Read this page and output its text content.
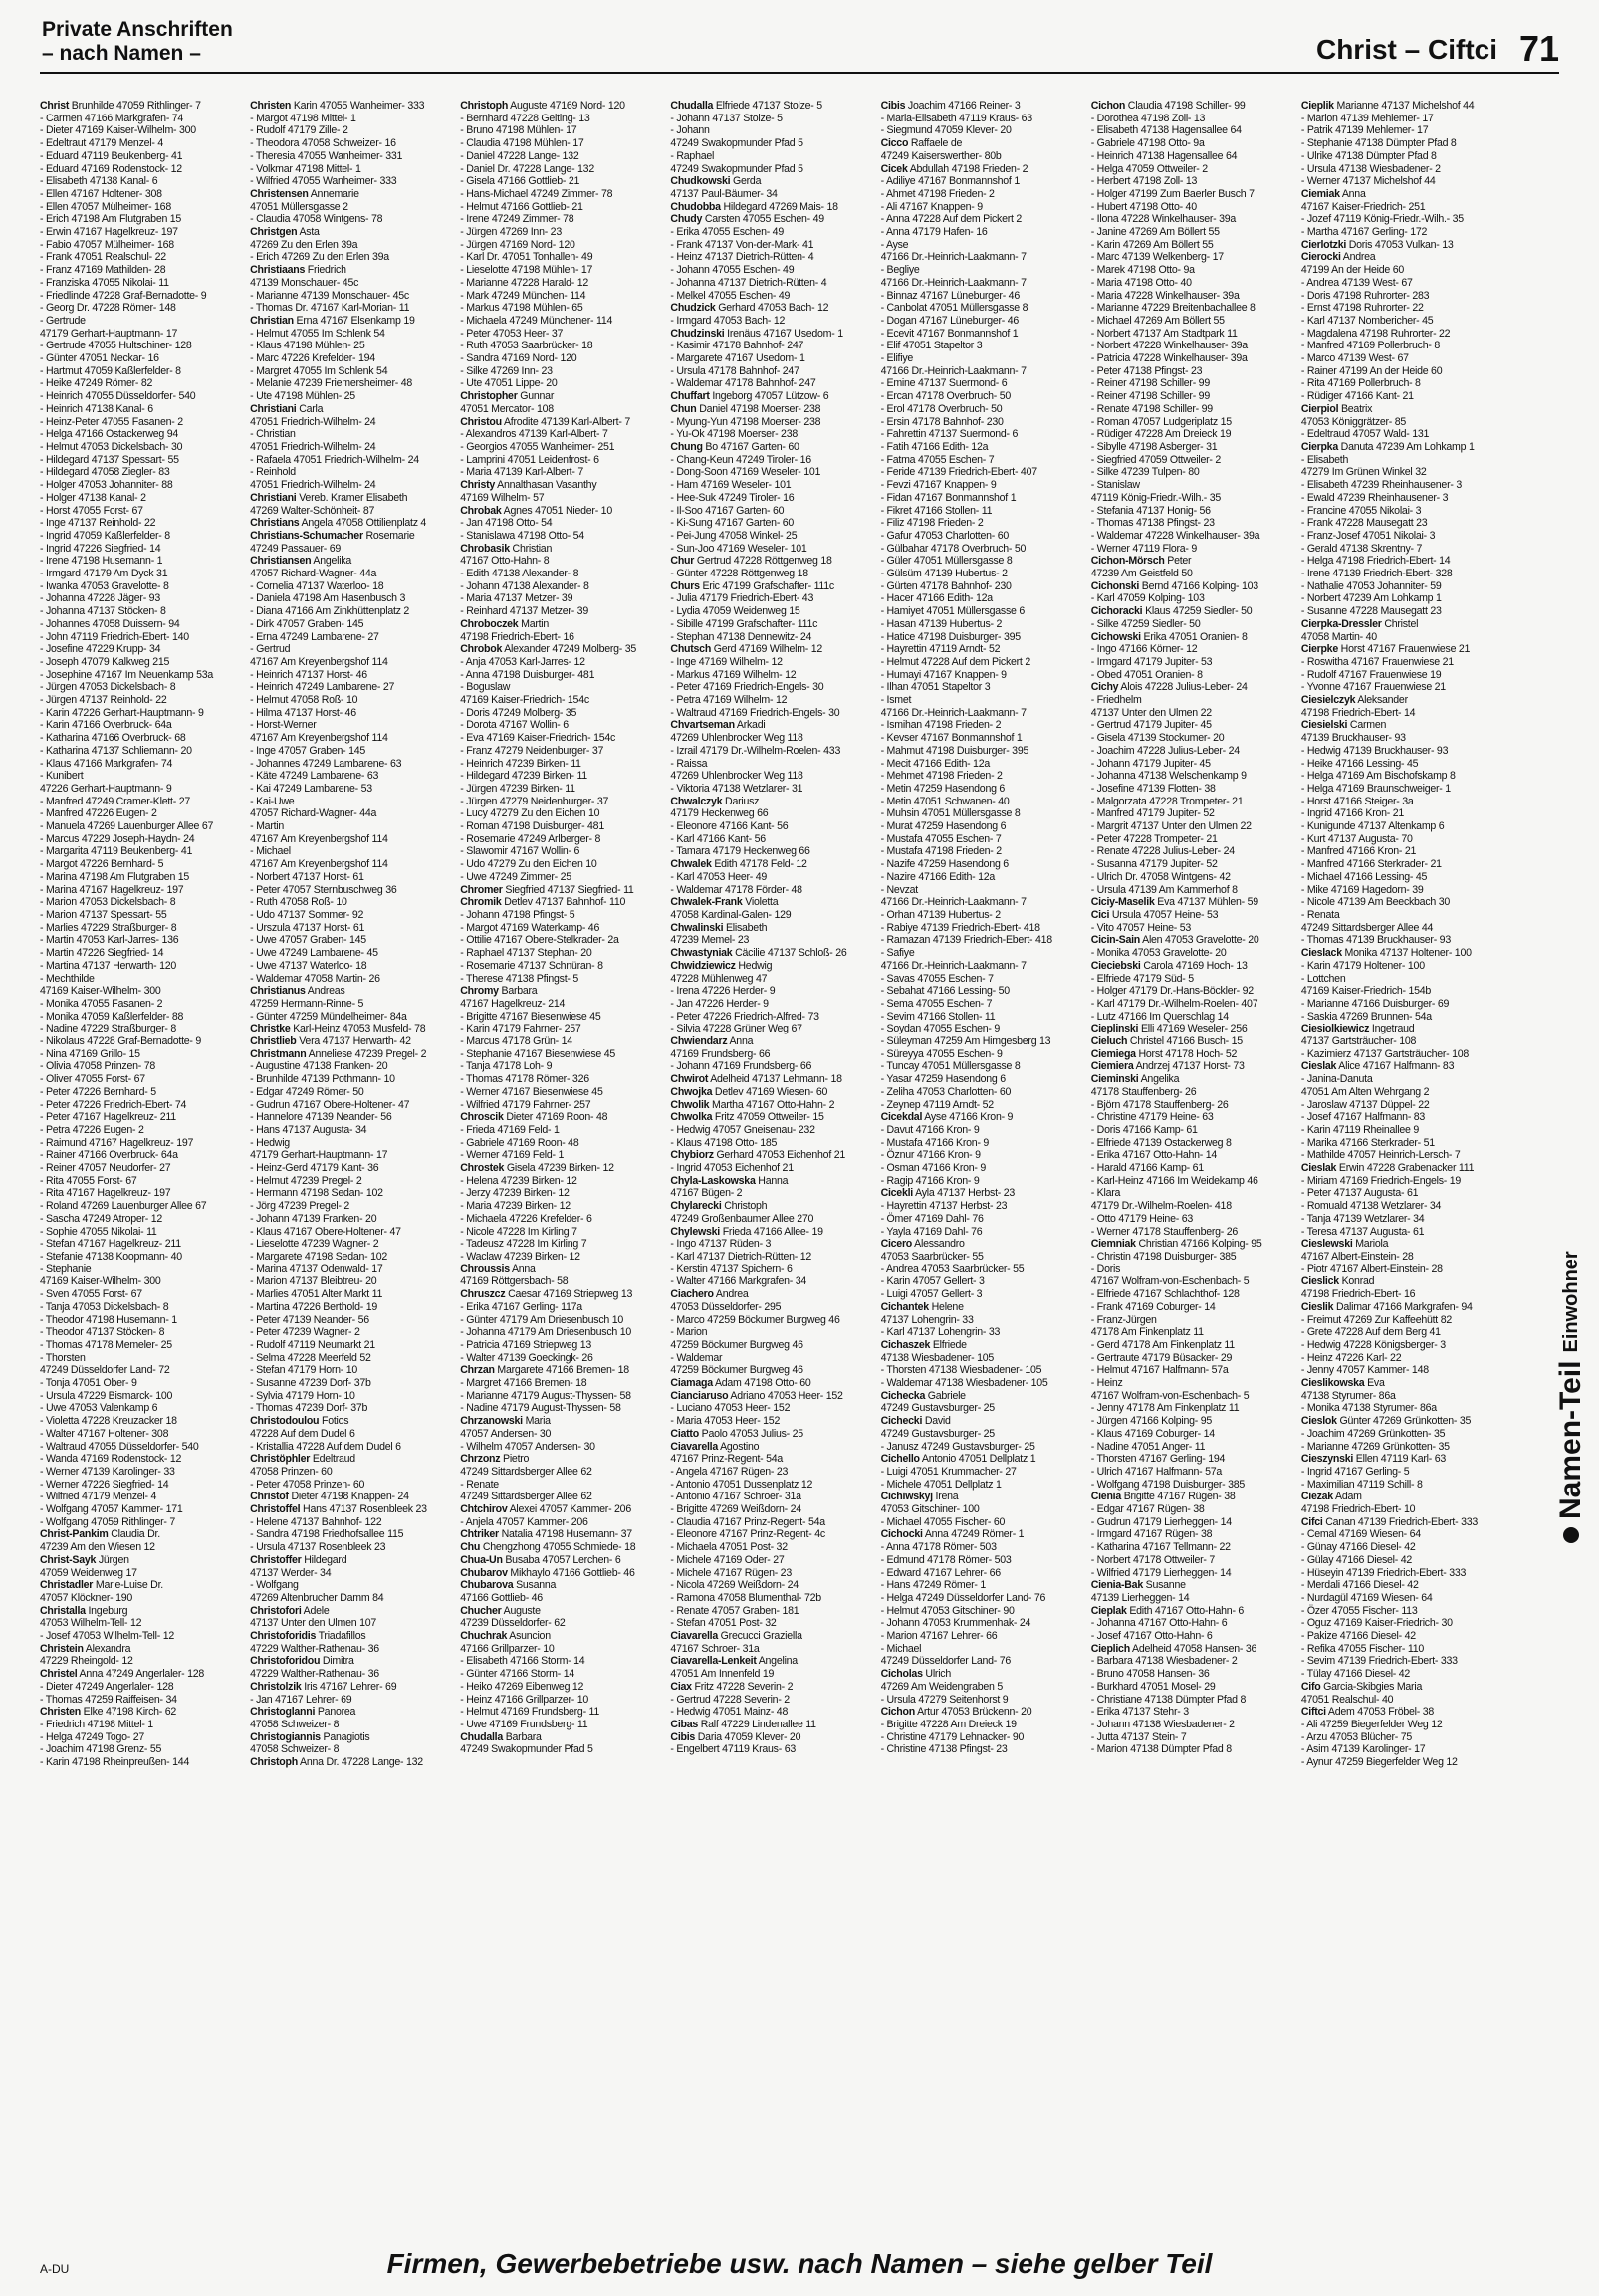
Private Anschriften
– nach Namen –	Christ – Ciftci 71
Christ Brunhilde 47059 Rithlinger- 7
- Carmen 47166 Markgrafen- 74
- Dieter 47169 Kaiser-Wilhelm- 300
- Edeltraut 47179 Menzel- 4
- Eduard 47119 Beukenberg- 41
- Eduard 47169 Rodenstock- 12
- Elisabeth 47138 Kanal- 6
- Ellen 47167 Holtener- 308
- Ellen 47057 Mülheimer- 168
- Erich 47198 Am Flutgraben 15
- Erwin 47167 Hagelkreuz- 197
- Fabio 47057 Mülheimer- 168
- Frank 47051 Realschul- 22
- Franz 47169 Mathilden- 28
- Franziska 47055 Nikolai- 11
- Friedlinde 47228 Graf-Bernadotte- 9
- Georg Dr. 47228 Römer- 148
- Gertrude
47179 Gerhart-Hauptmann- 17
- Gertrude 47055 Hultschiner- 128
- Günter 47051 Neckar- 16
- Hartmut 47059 Kaßlerfelder- 8
- Heike 47249 Römer- 82
- Heinrich 47055 Düsseldorfer- 540
- Heinrich 47138 Kanal- 6
- Heinz-Peter 47055 Fasanen- 2
- Helga 47166 Ostackerweg 94
- Helmut 47053 Dickelsbach- 30
- Hildegard 47137 Spessart- 55
- Hildegard 47058 Ziegler- 83
- Holger 47053 Johanniter- 88
- Holger 47138 Kanal- 2
- Horst 47055 Forst- 67
- Inge 47137 Reinhold- 22
- Ingrid 47059 Kaßlerfelder- 8
- Ingrid 47226 Siegfried- 14
- Irene 47198 Husemann- 1
- Irmgard 47179 Am Dyck 31
- Iwanka 47053 Gravelotte- 8
- Johanna 47228 Jäger- 93
- Johanna 47137 Stöcken- 8
- Johannes 47058 Duissern- 94
- John 47119 Friedrich-Ebert- 140
- Josefine 47229 Krupp- 34
- Joseph 47079 Kalkweg 215
- Josephine 47167 Im Neuenkamp 53a
- Jürgen 47053 Dickelsbach- 8
- Jürgen 47137 Reinhold- 22
- Karin 47226 Gerhart-Hauptmann- 9
- Karin 47166 Overbruck- 64a
- Katharina 47166 Overbruck- 68
- Katharina 47137 Schliemann- 20
- Klaus 47166 Markgrafen- 74
- Kunibert
47226 Gerhart-Hauptmann- 9
- Manfred 47249 Cramer-Klett- 27
- Manfred 47226 Eugen- 2
- Manuela 47269 Lauenburger Allee 67
- Marcus 47229 Joseph-Haydn- 24
- Margarita 47119 Beukenberg- 41
- Margot 47226 Bernhard- 5
- Marina 47198 Am Flutgraben 15
- Marina 47167 Hagelkreuz- 197
- Marion 47053 Dickelsbach- 8
- Marion 47137 Spessart- 55
- Marlies 47229 Straßburger- 8
- Martin 47053 Karl-Jarres- 136
- Martin 47226 Siegfried- 14
- Martina 47137 Herwarth- 120
- Mechthilde
47169 Kaiser-Wilhelm- 300
- Monika 47055 Fasanen- 2
- Monika 47059 Kaßlerfelder- 88
- Nadine 47229 Straßburger- 8
- Nikolaus 47228 Graf-Bernadotte- 9
- Nina 47169 Grillo- 15
- Olivia 47058 Prinzen- 78
- Oliver 47055 Forst- 67
- Peter 47226 Bernhard- 5
- Peter 47226 Friedrich-Ebert- 74
- Peter 47167 Hagelkreuz- 211
- Petra 47226 Eugen- 2
- Raimund 47167 Hagelkreuz- 197
- Rainer 47166 Overbruck- 64a
- Reiner 47057 Neudorfer- 27
- Rita 47055 Forst- 67
- Rita 47167 Hagelkreuz- 197
- Roland 47269 Lauenburger Allee 67
- Sascha 47249 Atroper- 12
- Sophie 47055 Nikolai- 11
- Stefan 47167 Hagelkreuz- 211
- Stefanie 47138 Koopmann- 40
- Stephanie
47169 Kaiser-Wilhelm- 300
- Sven 47055 Forst- 67
- Tanja 47053 Dickelsbach- 8
- Theodor 47198 Husemann- 1
- Theodor 47137 Stöcken- 8
- Thomas 47178 Memeler- 25
- Thorsten
47249 Düsseldorfer Land- 72
- Tonja 47051 Ober- 9
- Ursula 47229 Bismarck- 100
- Uwe 47053 Valenkamp 6
- Violetta 47228 Kreuzacker 18
- Walter 47167 Holtener- 308
- Waltraud 47055 Düsseldorfer- 540
- Wanda 47169 Rodenstock- 12
- Werner 47139 Karolinger- 33
- Werner 47226 Siegfried- 14
- Wilfried 47179 Menzel- 4
- Wolfgang 47057 Kammer- 171
- Wolfgang 47059 Rithlinger- 7
Christ-Pankim Claudia Dr.
47239 Am den Wiesen 12
Christ-Sayk Jürgen
47059 Weidenweg 17
Christadler Marie-Luise Dr.
47057 Klöckner- 190
Christalla Ingeburg
47053 Wilhelm-Tell- 12
- Josef 47053 Wilhelm-Tell- 12
Christein Alexandra
47229 Rheingold- 12
Christel Anna 47249 Angerlaler- 128
- Dieter 47249 Angerlaler- 128
- Thomas 47259 Raiffeisen- 34
Christen Elke 47198 Kirch- 62
- Friedrich 47198 Mittel- 1
- Helga 47249 Togo- 27
- Joachim 47198 Grenz- 55
- Karin 47198 Rheinpreußen- 144
Christen Karin 47055 Wanheimer- 333
- Margot 47198 Mittel- 1
- Rudolf 47179 Zille- 2
- Theodora 47058 Schweizer- 16
- Theresia 47055 Wanheimer- 331
- Volkmar 47198 Mittel- 1
- Wilfried 47055 Wanheimer- 333
Christensen Annemarie
47051 Müllersgasse 2
- Claudia 47058 Wintgens- 78
Christgen Asta
47269 Zu den Erlen 39a
- Erich 47269 Zu den Erlen 39a
Christiaans Friedrich
47139 Monschauer- 45c
- Marianne 47139 Monschauer- 45c
- Thomas Dr. 47167 Karl-Morian- 11
Christian Erna 47167 Elsenkamp 19
- Helmut 47055 Im Schlenk 54
- Klaus 47198 Mühlen- 25
- Marc 47226 Krefelder- 194
- Margret 47055 Im Schlenk 54
- Melanie 47239 Friemersheimer- 48
- Ute 47198 Mühlen- 25
Christiani Carla
47051 Friedrich-Wilhelm- 24
- Christian
47051 Friedrich-Wilhelm- 24
- Rafaela 47051 Friedrich-Wilhelm- 24
- Reinhold
47051 Friedrich-Wilhelm- 24
Christiani Vereb. Kramer Elisabeth
47269 Walter-Schönheit- 87
Christians Angela 47058 Ottilienplatz 4
Christians-Schumacher Rosemarie
47249 Passauer- 69
Christiansen Angelika
47057 Richard-Wagner- 44a
- Cornelia 47137 Waterloo- 18
- Daniela 47198 Am Hasenbusch 3
- Diana 47166 Am Zinkhüttenplatz 2
- Dirk 47057 Graben- 145
- Erna 47249 Lambarene- 27
- Gertrud
47167 Am Kreyenbergshof 114
- Heinrich 47137 Horst- 46
- Heinrich 47249 Lambarene- 27
- Helmut 47058 Roß- 10
- Hilma 47137 Horst- 46
- Horst-Werner
47167 Am Kreyenbergshof 114
- Inge 47057 Graben- 145
- Johannes 47249 Lambarene- 63
- Käte 47249 Lambarene- 63
- Kai 47249 Lambarene- 53
- Kai-Uwe
47057 Richard-Wagner- 44a
- Martin
47167 Am Kreyenbergshof 114
- Michael
47167 Am Kreyenbergshof 114
- Norbert 47137 Horst- 61
- Peter 47057 Sternbuschweg 36
- Ruth 47058 Roß- 10
- Udo 47137 Sommer- 92
- Urszula 47137 Horst- 61
- Uwe 47057 Graben- 145
- Uwe 47249 Lambarene- 45
- Uwe 47137 Waterloo- 18
- Waldemar 47058 Martin- 26
Christianus Andreas
47259 Hermann-Rinne- 5
- Günter 47259 Mündelheimer- 84a
Christke Karl-Heinz 47053 Musfeld- 78
Christlieb Vera 47137 Herwarth- 42
Christmann Anneliese 47239 Pregel- 2
- Augustine 47138 Franken- 20
- Brunhilde 47139 Pothmann- 10
- Edgar 47249 Römer- 50
- Gudrun 47167 Obere-Holtener- 47
- Hannelore 47139 Neander- 56
- Hans 47137 Augusta- 34
- Hedwig
47179 Gerhart-Hauptmann- 17
- Heinz-Gerd 47179 Kant- 36
- Helmut 47239 Pregel- 2
- Hermann 47198 Sedan- 102
- Jörg 47239 Pregel- 2
- Johann 47139 Franken- 20
- Klaus 47167 Obere-Holtener- 47
- Lieselotte 47239 Wagner- 2
- Margarete 47198 Sedan- 102
- Marina 47137 Odenwald- 17
- Marion 47137 Bleibtreu- 20
- Marlies 47051 Alter Markt 11
- Martina 47226 Berthold- 19
- Peter 47139 Neander- 56
- Peter 47239 Wagner- 2
- Rudolf 47119 Neumarkt 21
- Selma 47228 Meerfeld 52
- Stefan 47179 Horn- 10
- Susanne 47239 Dorf- 37b
- Sylvia 47179 Horn- 10
- Thomas 47239 Dorf- 37b
Christodoulou Fotios
47228 Auf dem Dudel 6
- Kristallia 47228 Auf dem Dudel 6
Christöphler Edeltraud
47058 Prinzen- 60
- Peter 47058 Prinzen- 60
Christof Dieter 47198 Knappen- 24
Christoffel Hans 47137 Rosenbleek 23
- Helene 47137 Bahnhof- 122
- Sandra 47198 Friedhofsallee 115
- Ursula 47137 Rosenbleek 23
Christoffer Hildegard
47137 Werder- 34
- Wolfgang
47269 Altenbrucher Damm 84
Christofori Adele
47137 Unter den Ulmen 107
Christoforidis Triadafillos
47229 Walther-Rathenau- 36
Christoforidou Dimitra
47229 Walther-Rathenau- 36
Christolzik Iris 47167 Lehrer- 69
- Jan 47167 Lehrer- 69
Christoglanni Panorea
47058 Schweizer- 8
Christogiannis Panagiotis
47058 Schweizer- 8
Christoph Anna Dr. 47228 Lange- 132
Christoph Auguste 47169 Nord- 120
- Bernhard 47228 Gelting- 13
- Bruno 47198 Mühlen- 17
- Claudia 47198 Mühlen- 17
- Daniel 47228 Lange- 132
- Daniel Dr. 47228 Lange- 132
- Gisela 47166 Gottlieb- 21
- Hans-Michael 47249 Zimmer- 78
- Helmut 47166 Gottlieb- 21
- Irene 47249 Zimmer- 78
- Jürgen 47269 Inn- 23
- Jürgen 47169 Nord- 120
- Karl Dr. 47051 Tonhallen- 49
- Lieselotte 47198 Mühlen- 17
- Marianne 47228 Harald- 12
- Mark 47249 München- 114
- Markus 47198 Mühlen- 65
- Michaela 47249 Münchener- 114
- Peter 47053 Heer- 37
- Ruth 47053 Saarbrücker- 18
- Sandra 47169 Nord- 120
- Silke 47269 Inn- 23
- Ute 47051 Lippe- 20
Christopher Gunnar
47051 Mercator- 108
Christou Afrodite 47139 Karl-Albert- 7
- Alexandros 47139 Karl-Albert- 7
- Georgios 47055 Wanheimer- 251
- Lamprini 47051 Leidenfrost- 6
- Maria 47139 Karl-Albert- 7
Christy Annalthasan Vasanthy
47169 Wilhelm- 57
Chrobak Agnes 47051 Nieder- 10
- Jan 47198 Otto- 54
- Stanislawa 47198 Otto- 54
Chrobasik Christian
47167 Otto-Hahn- 8
- Edith 47138 Alexander- 8
- Johann 47138 Alexander- 8
- Maria 47137 Metzer- 39
- Reinhard 47137 Metzer- 39
Chroboczek Martin
47198 Friedrich-Ebert- 16
Chrobok Alexander 47249 Molberg- 35
- Anja 47053 Karl-Jarres- 12
- Anna 47198 Duisburger- 481
- Boguslaw
47169 Kaiser-Friedrich- 154c
- Doris 47249 Molberg- 35
- Dorota 47167 Wollin- 6
- Eva 47169 Kaiser-Friedrich- 154c
- Franz 47279 Neidenburger- 37
- Heinrich 47239 Birken- 11
- Hildegard 47239 Birken- 11
- Jürgen 47239 Birken- 11
- Jürgen 47279 Neidenburger- 37
- Lucy 47279 Zu den Eichen 10
- Roman 47198 Duisburger- 481
- Rosemarie 47249 Arlberger- 8
- Slawomir 47167 Wollin- 6
- Udo 47279 Zu den Eichen 10
- Uwe 47249 Zimmer- 25
Chromer Siegfried 47137 Siegfried- 11
Chromik Detlev 47137 Bahnhof- 110
- Johann 47198 Pfingst- 5
- Margot 47169 Waterkamp- 46
- Ottilie 47167 Obere-Stelkrader- 2a
- Raphael 47137 Stephan- 20
- Rosemarie 47137 Schnüran- 8
- Therese 47138 Pfingst- 5
Chromy Barbara
47167 Hagelkreuz- 214
- Brigitte 47167 Biesenwiese 45
- Karin 47179 Fahrner- 257
- Marcus 47178 Grün- 14
- Stephanie 47167 Biesenwiese 45
- Tanja 47178 Loh- 9
- Thomas 47178 Römer- 326
- Werner 47167 Biesenwiese 45
- Wilfried 47179 Fahrner- 257
Chroscik Dieter 47169 Roon- 48
- Frieda 47169 Feld- 1
- Gabriele 47169 Roon- 48
- Werner 47169 Feld- 1
Chrostek Gisela 47239 Birken- 12
- Helena 47239 Birken- 12
- Jerzy 47239 Birken- 12
- Maria 47239 Birken- 12
- Michaela 47226 Krefelder- 6
- Nicole 47228 Im Kirling 7
- Tadeusz 47228 Im Kirling 7
- Waclaw 47239 Birken- 12
Chroussis Anna
47169 Röttgersbach- 58
Chruszcz Caesar 47169 Striepweg 13
- Erika 47167 Gerling- 117a
- Günter 47179 Am Driesenbusch 10
- Johanna 47179 Am Driesenbusch 10
- Patricia 47169 Striepweg 13
- Walter 47139 Goeckingk- 26
Chrzan Margarete 47166 Bremen- 18
- Margret 47166 Bremen- 18
- Marianne 47179 August-Thyssen- 58
- Nadine 47179 August-Thyssen- 58
Chrzanowski Maria
47057 Andersen- 30
- Wilhelm 47057 Andersen- 30
Chrzonz Pietro
47249 Sittardsberger Allee 62
- Renate
47249 Sittardsberger Allee 62
Chtchirov Alexei 47057 Kammer- 206
- Anjela 47057 Kammer- 206
Chtriker Natalia 47198 Husemann- 37
Chu Chengzhong 47055 Schmiede- 18
Chua-Un Busaba 47057 Lerchen- 6
Chubarov Mikhaylo 47166 Gottlieb- 46
Chubarova Susanna
47166 Gottlieb- 46
Chucher Auguste
47239 Düsseldorfer- 62
Chuchrak Asuncion
47166 Grillparzer- 10
- Elisabeth 47166 Storm- 14
- Günter 47166 Storm- 14
- Heiko 47269 Eibenweg 12
- Heinz 47166 Grillparzer- 10
- Helmut 47169 Frundsberg- 11
- Uwe 47169 Frundsberg- 11
Chudalla Barbara
47249 Swakopmunder Pfad 5
Chudalla Elfriede 47137 Stolze- 5
- Johann 47137 Stolze- 5
- Johann
47249 Swakopmunder Pfad 5
- Raphael
47249 Swakopmunder Pfad 5
Chudkowski Gerda
47137 Paul-Bäumer- 34
Chudobba Hildegard 47269 Mais- 18
Chudy Carsten 47055 Eschen- 49
- Erika 47055 Eschen- 49
- Frank 47137 Von-der-Mark- 41
- Heinz 47137 Dietrich-Rütten- 4
- Johann 47055 Eschen- 49
- Johanna 47137 Dietrich-Rütten- 4
- Melkel 47055 Eschen- 49
Chudzick Gerhard 47053 Bach- 12
- Irmgard 47053 Bach- 12
Chudzinski Irenäus 47167 Usedom- 1
- Kasimir 47178 Bahnhof- 247
- Margarete 47167 Usedom- 1
- Ursula 47178 Bahnhof- 247
- Waldemar 47178 Bahnhof- 247
Chuffart Ingeborg 47057 Lützow- 6
Chun Daniel 47198 Moerser- 238
- Myung-Yun 47198 Moerser- 238
- Yu-Ok 47198 Moerser- 238
Chung Bo 47167 Garten- 60
- Chang-Keun 47249 Tiroler- 16
- Dong-Soon 47169 Weseler- 101
- Ham 47169 Weseler- 101
- Hee-Suk 47249 Tiroler- 16
- Il-Soo 47167 Garten- 60
- Ki-Sung 47167 Garten- 60
- Pei-Jung 47058 Winkel- 25
- Sun-Joo 47169 Weseler- 101
Chur Gertrud 47228 Röttgenweg 18
- Günter 47228 Röttgenweg 18
Churs Eric 47199 Grafschafter- 111c
- Julia 47179 Friedrich-Ebert- 43
- Lydia 47059 Weidenweg 15
- Sibille 47199 Grafschafter- 111c
- Stephan 47138 Dennewitz- 24
Chutsch Gerd 47169 Wilhelm- 12
- Inge 47169 Wilhelm- 12
- Markus 47169 Wilhelm- 12
- Peter 47169 Friedrich-Engels- 30
- Petra 47169 Wilhelm- 12
- Waltraud 47169 Friedrich-Engels- 30
Chvartseman Arkadi
47269 Uhlenbrocker Weg 118
- Izrail 47179 Dr.-Wilhelm-Roelen- 433
- Raissa
47269 Uhlenbrocker Weg 118
- Viktoria 47138 Wetzlarer- 31
Chwalczyk Dariusz
47179 Heckenweg 66
- Eleonore 47166 Kant- 56
- Karl 47166 Kant- 56
- Tamara 47179 Heckenweg 66
Chwalek Edith 47178 Feld- 12
- Karl 47053 Heer- 49
- Waldemar 47178 Förder- 48
Chwalek-Frank Violetta
47058 Kardinal-Galen- 129
Chwalinski Elisabeth
47239 Memel- 23
Chwastyniak Cäcilie 47137 Schloß- 26
Chwidziewicz Hedwig
47228 Mühlenweg 47
- Irena 47226 Herder- 9
- Jan 47226 Herder- 9
- Peter 47226 Friedrich-Alfred- 73
- Silvia 47228 Grüner Weg 67
Chwiendarz Anna
47169 Frundsberg- 66
- Johann 47169 Frundsberg- 66
Chwirot Adelheid 47137 Lehmann- 18
Chwojka Detlev 47169 Wiesen- 60
Chwolik Martha 47167 Otto-Hahn- 2
Chwolka Fritz 47059 Ottweiler- 15
- Hedwig 47057 Gneisenau- 232
- Klaus 47198 Otto- 185
Chybiorz Gerhard 47053 Eichenhof 21
- Ingrid 47053 Eichenhof 21
Chyla-Laskowska Hanna
47167 Bügen- 2
Chylarecki Christoph
47249 Großenbaumer Allee 270
Chylewski Frieda 47166 Allee- 19
- Ingo 47137 Rüden- 3
- Karl 47137 Dietrich-Rütten- 12
- Kerstin 47137 Spichern- 6
- Walter 47166 Markgrafen- 34
Ciachero Andrea
47053 Düsseldorfer- 295
- Marco 47259 Böckumer Burgweg 46
- Marion
47259 Böckumer Burgweg 46
- Waldemar
47259 Böckumer Burgweg 46
Ciamaga Adam 47198 Otto- 60
Cianciaruso Adriano 47053 Heer- 152
- Luciano 47053 Heer- 152
- Maria 47053 Heer- 152
Ciatto Paolo 47053 Julius- 25
Ciavarella Agostino
47167 Prinz-Regent- 54a
- Angela 47167 Rügen- 23
- Antonio 47051 Dussenplatz 12
- Antonio 47167 Schroer- 31a
- Brigitte 47269 Weißdorn- 24
- Claudia 47167 Prinz-Regent- 54a
- Eleonore 47167 Prinz-Regent- 4c
- Michaela 47051 Post- 32
- Michele 47169 Oder- 27
- Michele 47167 Rügen- 23
- Nicola 47269 Weißdorn- 24
- Ramona 47058 Blumenthal- 72b
- Renate 47057 Graben- 181
- Stefan 47051 Post- 32
Ciavarella Grecucci Graziella
47167 Schroer- 31a
Ciavarella-Lenkeit Angelina
47051 Am Innenfeld 19
Ciax Fritz 47228 Severin- 2
- Gertrud 47228 Severin- 2
- Hedwig 47051 Mainz- 48
Cibas Ralf 47229 Lindenallee 11
Cibis Daria 47059 Klever- 20
- Engelbert 47119 Kraus- 63
Cibis Joachim 47166 Reiner- 3
- Maria-Elisabeth 47119 Kraus- 63
- Siegmund 47059 Klever- 20
Cicco Raffaele de
47249 Kaiserswerther- 80b
Cicek Abdullah 47198 Frieden- 2
- Adiliye 47167 Bonmannshof 1
- Ahmet 47198 Frieden- 2
- Ali 47167 Knappen- 9
- Anna 47228 Auf dem Pickert 2
- Anna 47179 Hafen- 16
- Ayse
47166 Dr.-Heinrich-Laakmann- 7
- Begliye
47166 Dr.-Heinrich-Laakmann- 7
- Binnaz 47167 Lüneburger- 46
- Canbolat 47051 Müllersgasse 8
- Dogan 47167 Lüneburger- 46
- Ecevit 47167 Bonmannshof 1
- Elif 47051 Stapeltor 3
- Elifiye
47166 Dr.-Heinrich-Laakmann- 7
- Emine 47137 Suermond- 6
- Ercan 47178 Overbruch- 50
- Erol 47178 Overbruch- 50
- Ersin 47178 Bahnhof- 230
- Fahrettin 47137 Suermond- 6
- Fatih 47166 Edith- 12a
- Fatma 47055 Eschen- 7
- Feride 47139 Friedrich-Ebert- 407
- Fevzi 47167 Knappen- 9
- Fidan 47167 Bonmannshof 1
- Fikret 47166 Stollen- 11
- Filiz 47198 Frieden- 2
- Gafur 47053 Charlotten- 60
- Gülbahar 47178 Overbruch- 50
- Güler 47051 Müllersgasse 8
- Gülsüm 47139 Hubertus- 2
- Gürten 47178 Bahnhof- 230
- Hacer 47166 Edith- 12a
- Hamiyet 47051 Müllersgasse 6
- Hasan 47139 Hubertus- 2
- Hatice 47198 Duisburger- 395
- Hayrettin 47119 Arndt- 52
- Helmut 47228 Auf dem Pickert 2
- Humayi 47167 Knappen- 9
- Ilhan 47051 Stapeltor 3
- Ismet
47166 Dr.-Heinrich-Laakmann- 7
- Ismihan 47198 Frieden- 2
- Kevser 47167 Bonmannshof 1
- Mahmut 47198 Duisburger- 395
- Mecit 47166 Edith- 12a
- Mehmet 47198 Frieden- 2
- Metin 47259 Hasendong 6
- Metin 47051 Schwanen- 40
- Muhsin 47051 Müllersgasse 8
- Murat 47259 Hasendong 6
- Mustafa 47055 Eschen- 7
- Mustafa 47198 Frieden- 2
- Nazife 47259 Hasendong 6
- Nazire 47166 Edith- 12a
- Nevzat
47166 Dr.-Heinrich-Laakmann- 7
- Orhan 47139 Hubertus- 2
- Rabiye 47139 Friedrich-Ebert- 418
- Ramazan 47139 Friedrich-Ebert- 418
- Safiye
47166 Dr.-Heinrich-Laakmann- 7
- Savas 47055 Eschen- 7
- Sebahat 47166 Lessing- 50
- Sema 47055 Eschen- 7
- Sevim 47166 Stollen- 11
- Soydan 47055 Eschen- 9
- Süleyman 47259 Am Himgesberg 13
- Süreyya 47055 Eschen- 9
- Tuncay 47051 Müllersgasse 8
- Yasar 47259 Hasendong 6
- Zeliha 47053 Charlotten- 60
- Zeynep 47119 Arndt- 52
Cicekdal Ayse 47166 Kron- 9
- Davut 47166 Kron- 9
- Mustafa 47166 Kron- 9
- Öznur 47166 Kron- 9
- Osman 47166 Kron- 9
- Ragip 47166 Kron- 9
Cicekli Ayla 47137 Herbst- 23
- Hayrettin 47137 Herbst- 23
- Ömer 47169 Dahl- 76
- Yayla 47169 Dahl- 76
Cicero Alessandro
47053 Saarbrücker- 55
- Andrea 47053 Saarbrücker- 55
- Karin 47057 Gellert- 3
- Luigi 47057 Gellert- 3
Cichantek Helene
47137 Lohengrin- 33
- Karl 47137 Lohengrin- 33
Cichaszek Elfriede
47138 Wiesbadener- 105
- Thorsten 47138 Wiesbadener- 105
- Waldemar 47138 Wiesbadener- 105
Cichecka Gabriele
47249 Gustavsburger- 25
Cichecki David
47249 Gustavsburger- 25
- Janusz 47249 Gustavsburger- 25
Cichello Antonio 47051 Dellplatz 1
- Luigi 47051 Krummacher- 27
- Michele 47051 Dellplatz 1
Cichiwskyj Irena
47053 Gitschiner- 100
- Michael 47055 Fischer- 60
Cichocki Anna 47249 Römer- 1
- Anna 47178 Römer- 503
- Edmund 47178 Römer- 503
- Edward 47167 Lehrer- 66
- Hans 47249 Römer- 1
- Helga 47249 Düsseldorfer Land- 76
- Helmut 47053 Gitschiner- 90
- Johann 47053 Krummenhak- 24
- Marion 47167 Lehrer- 66
- Michael
47249 Düsseldorfer Land- 76
Cicholas Ulrich
47269 Am Weidengraben 5
- Ursula 47279 Seitenhorst 9
Cichon Artur 47053 Brückenn- 20
- Brigitte 47228 Am Dreieck 19
- Christine 47179 Lehnacker- 90
- Christine 47138 Pfingst- 23
Cichon Claudia 47198 Schiller- 99
- Dorothea 47198 Zoll- 13
- Elisabeth 47138 Hagensallee 64
- Gabriele 47198 Otto- 9a
- Heinrich 47138 Hagensallee 64
- Helga 47059 Ottweiler- 2
- Herbert 47198 Zoll- 13
- Holger 47199 Zum Baerler Busch 7
- Hubert 47198 Otto- 40
- Ilona 47228 Winkelhauser- 39a
- Janine 47269 Am Böllert 55
- Karin 47269 Am Böllert 55
- Marc 47139 Welkenberg- 17
- Marek 47198 Otto- 9a
- Maria 47198 Otto- 40
- Maria 47228 Winkelhauser- 39a
- Marianne 47229 Breitenbachallee 8
- Michael 47269 Am Böllert 55
- Norbert 47137 Am Stadtpark 11
- Norbert 47228 Winkelhauser- 39a
- Patricia 47228 Winkelhauser- 39a
- Peter 47138 Pfingst- 23
- Reiner 47198 Schiller- 99
- Reiner 47198 Schiller- 99
- Renate 47198 Schiller- 99
- Roman 47057 Ludgeriplatz 15
- Rüdiger 47228 Am Dreieck 19
- Sibylle 47198 Asberger- 31
- Siegfried 47059 Ottweiler- 2
- Silke 47239 Tulpen- 80
- Stanislaw
47119 König-Friedr.-Wilh.- 35
- Stefania 47137 Honig- 56
- Thomas 47138 Pfingst- 23
- Waldemar 47228 Winkelhauser- 39a
- Werner 47119 Flora- 9
Cichon-Mörsch Peter
47239 Am Geistfeld 50
Cichonski Bernd 47166 Kolping- 103
- Karl 47059 Kolping- 103
Cichoracki Klaus 47259 Siedler- 50
- Silke 47259 Siedler- 50
Cichowski Erika 47051 Oranien- 8
- Ingo 47166 Körner- 12
- Irmgard 47179 Jupiter- 53
- Obed 47051 Oranien- 8
Cichy Alois 47228 Julius-Leber- 24
- Friedhelm
47137 Unter den Ulmen 22
- Gertrud 47179 Jupiter- 45
- Gisela 47139 Stockumer- 20
- Joachim 47228 Julius-Leber- 24
- Johann 47179 Jupiter- 45
- Johanna 47138 Welschenkamp 9
- Josefine 47139 Flotten- 38
- Malgorzata 47228 Trompeter- 21
- Manfred 47179 Jupiter- 52
- Margrit 47137 Unter den Ulmen 22
- Peter 47228 Trompeter- 21
- Renate 47228 Julius-Leber- 24
- Susanna 47179 Jupiter- 52
- Ulrich Dr. 47058 Wintgens- 42
- Ursula 47139 Am Kammerhof 8
Ciciy-Maselik Eva 47137 Mühlen- 59
Cici Ursula 47057 Heine- 53
- Vito 47057 Heine- 53
Cicin-Sain Alen 47053 Gravelotte- 20
- Monika 47053 Gravelotte- 20
Cieciebski Carola 47169 Hoch- 13
- Elfriede 47179 Süd- 5
- Holger 47179 Dr.-Hans-Böckler- 92
- Karl 47179 Dr.-Wilhelm-Roelen- 407
- Lutz 47166 Im Querschlag 14
Cieplinski Elli 47169 Weseler- 256
Cieluch Christel 47166 Busch- 15
Ciemiega Horst 47178 Hoch- 52
Ciemiera Andrzej 47137 Horst- 73
Cieminski Angelika
47178 Stauffenberg- 26
- Björn 47178 Stauffenberg- 26
- Christine 47179 Heine- 63
- Doris 47166 Kamp- 61
- Elfriede 47139 Ostackerweg 8
- Erika 47167 Otto-Hahn- 14
- Harald 47166 Kamp- 61
- Karl-Heinz 47166 Im Weidekamp 46
- Klara
47179 Dr.-Wilhelm-Roelen- 418
- Otto 47179 Heine- 63
- Werner 47178 Stauffenberg- 26
Ciemniak Christian 47166 Kolping- 95
- Christin 47198 Duisburger- 385
- Doris
47167 Wolfram-von-Eschenbach- 5
- Elfriede 47167 Schlachthof- 128
- Frank 47169 Coburger- 14
- Franz-Jürgen
47178 Am Finkenplatz 11
- Gerd 47178 Am Finkenplatz 11
- Gertraute 47179 Büsacker- 29
- Helmut 47167 Halfmann- 57a
- Heinz
47167 Wolfram-von-Eschenbach- 5
- Jenny 47178 Am Finkenplatz 11
- Jürgen 47166 Kolping- 95
- Klaus 47169 Coburger- 14
- Nadine 47051 Anger- 11
- Thorsten 47167 Gerling- 194
- Ulrich 47167 Halfmann- 57a
- Wolfgang 47198 Duisburger- 385
Cienia Brigitte 47167 Rügen- 38
- Edgar 47167 Rügen- 38
- Gudrun 47179 Lierheggen- 14
- Irmgard 47167 Rügen- 38
- Katharina 47167 Tellmann- 22
- Norbert 47178 Ottweiler- 7
- Wilfried 47179 Lierheggen- 14
Cienia-Bak Susanne
47139 Lierheggen- 14
Cieplak Edith 47167 Otto-Hahn- 6
- Johanna 47167 Otto-Hahn- 6
- Josef 47167 Otto-Hahn- 6
Cieplich Adelheid 47058 Hansen- 36
- Barbara 47138 Wiesbadener- 2
- Bruno 47058 Hansen- 36
- Burkhard 47051 Mosel- 29
- Christiane 47138 Dümpter Pfad 8
- Erika 47137 Stehr- 3
- Johann 47138 Wiesbadener- 2
- Jutta 47137 Stein- 7
- Marion 47138 Dümpter Pfad 8
Cieplik Marianne 47137 Michelshof 44
- Marion 47139 Mehlemer- 17
- Patrik 47139 Mehlemer- 17
- Stephanie 47138 Dümpter Pfad 8
- Ulrike 47138 Dümpter Pfad 8
- Ursula 47138 Wiesbadener- 2
- Werner 47137 Michelshof 44
Ciemiak Anna
47167 Kaiser-Friedrich- 251
- Jozef 47119 König-Friedr.-Wilh.- 35
- Martha 47167 Gerling- 172
Cierlotzki Doris 47053 Vulkan- 13
Cierocki Andrea
47199 An der Heide 60
- Andrea 47139 West- 67
- Doris 47198 Ruhrorter- 283
- Ernst 47198 Ruhrorter- 22
- Karl 47137 Nombericher- 45
- Magdalena 47198 Ruhrorter- 22
- Manfred 47169 Pollerbruch- 8
- Marco 47139 West- 67
- Rainer 47199 An der Heide 60
- Rita 47169 Pollerbruch- 8
- Rüdiger 47166 Kant- 21
Cierpiol Beatrix
47053 Königgrätzer- 85
- Edeltraud 47057 Wald- 131
Cierpka Danuta 47239 Am Lohkamp 1
- Elisabeth
47279 Im Grünen Winkel 32
- Elisabeth 47239 Rheinhausener- 3
- Ewald 47239 Rheinhausener- 3
- Francine 47055 Nikolai- 3
- Frank 47228 Mausegatt 23
- Franz-Josef 47051 Nikolai- 3
- Gerald 47138 Skrentny- 7
- Helga 47198 Friedrich-Ebert- 14
- Irene 47139 Friedrich-Ebert- 328
- Nathalie 47053 Johanniter- 59
- Norbert 47239 Am Lohkamp 1
- Susanne 47228 Mausegatt 23
Cierpka-Dressler Christel
47058 Martin- 40
Cierpke Horst 47167 Frauenwiese 21
- Roswitha 47167 Frauenwiese 21
- Rudolf 47167 Frauenwiese 19
- Yvonne 47167 Frauenwiese 21
Ciesielczyk Aleksander
47198 Friedrich-Ebert- 14
Ciesielski Carmen
47139 Bruckhauser- 93
- Hedwig 47139 Bruckhauser- 93
- Heike 47166 Lessing- 45
- Helga 47169 Am Bischofskamp 8
- Helga 47169 Braunschweiger- 1
- Horst 47166 Steiger- 3a
- Ingrid 47166 Kron- 21
- Kunigunde 47137 Altenkamp 6
- Kurt 47137 Augusta- 70
- Manfred 47166 Kron- 21
- Manfred 47166 Sterkrader- 21
- Michael 47166 Lessing- 45
- Mike 47169 Hagedorn- 39
- Nicole 47139 Am Beeckbach 30
- Renata
47249 Sittardsberger Allee 44
- Thomas 47139 Bruckhauser- 93
Cieslack Monika 47137 Holtener- 100
- Karin 47179 Holtener- 100
- Lottchen
47169 Kaiser-Friedrich- 154b
- Marianne 47166 Duisburger- 69
- Saskia 47269 Brunnen- 54a
Ciesiolkiewicz Ingetraud
47137 Gartsträucher- 108
- Kazimierz 47137 Gartsträucher- 108
Cieslak Alice 47167 Halfmann- 83
- Janina-Danuta
47051 Am Alten Wehrgang 2
- Jaroslaw 47137 Düppel- 22
- Josef 47167 Halfmann- 83
- Karin 47119 Rheinallee 9
- Marika 47166 Sterkrader- 51
- Mathilde 47057 Heinrich-Lersch- 7
Cieslak Erwin 47228 Grabenacker 111
- Miriam 47169 Friedrich-Engels- 19
- Peter 47137 Augusta- 61
- Romuald 47138 Wetzlarer- 34
- Tanja 47139 Wetzlarer- 34
- Teresa 47137 Augusta- 61
Cieslewski Mariola
47167 Albert-Einstein- 28
- Piotr 47167 Albert-Einstein- 28
Cieslick Konrad
47198 Friedrich-Ebert- 16
Cieslik Dalimar 47166 Markgrafen- 94
- Freimut 47269 Zur Kaffeehütt 82
- Grete 47228 Auf dem Berg 41
- Hedwig 47228 Königsberger- 3
- Heinz 47226 Karl- 22
- Jenny 47057 Kammer- 148
Cieslikowska Eva
47138 Styrumer- 86a
- Monika 47138 Styrumer- 86a
Cieslok Günter 47269 Grünkotten- 35
- Joachim 47269 Grünkotten- 35
- Marianne 47269 Grünkotten- 35
Cieszynski Ellen 47119 Karl- 63
- Ingrid 47167 Gerling- 5
- Maximilian 47119 Schill- 8
Ciezak Adam
47198 Friedrich-Ebert- 10
Cifci Canan 47139 Friedrich-Ebert- 333
- Cemal 47169 Wiesen- 64
- Günay 47166 Diesel- 42
- Gülay 47166 Diesel- 42
- Hüseyin 47139 Friedrich-Ebert- 333
- Merdali 47166 Diesel- 42
- Nurdagül 47169 Wiesen- 64
- Özer 47055 Fischer- 113
- Oguz 47169 Kaiser-Friedrich- 30
- Pakize 47166 Diesel- 42
- Refika 47055 Fischer- 110
- Sevim 47139 Friedrich-Ebert- 333
- Tülay 47166 Diesel- 42
Cifo Garcia-Skibgies Maria
47051 Realschul- 40
Ciftci Adem 47053 Fröbel- 38
- Ali 47259 Biegerfelder Weg 12
- Arzu 47053 Blücher- 75
- Asim 47139 Karolinger- 17
- Aynur 47259 Biegerfelder Weg 12
Namen-Teil
Einwohner
A-DU	Firmen, Gewerbebetriebe usw. nach Namen – siehe gelber Teil
